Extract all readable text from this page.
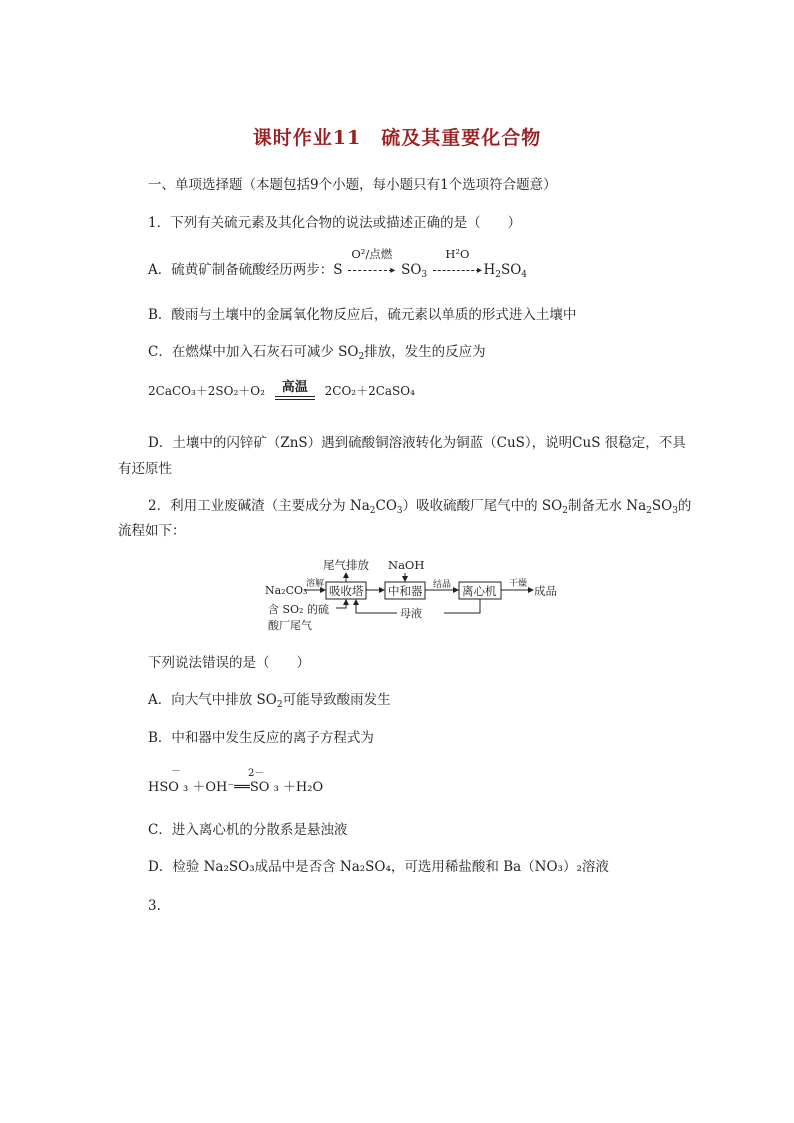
课时作业11　硫及其重要化合物
一、单项选择题（本题包括9个小题，每小题只有1个选项符合题意）
1．下列有关硫元素及其化合物的说法或描述正确的是（　　）
A．硫黄矿制备硫酸经历两步：S
O²/点燃
▸ $SO_3$
H²O
$▸H_2SO_4$
B．酸雨与土壤中的金属氧化物反应后，硫元素以单质的形式进入土壤中
C．在燃煤中加入石灰石可减少 $SO_2$排放，发生的反应为
2CaCO₃＋2SO₂＋O₂	高温	2CO₂＋2CaSO₄
D．土壤中的闪锌矿（ZnS）遇到硫酸铜溶液转化为铜蓝（CuS），说明CuS 很稳定，不具
有还原性
2．利用工业废碱渣（主要成分为 $Na_2CO_3$）吸收硫酸厂尾气中的 $SO_2$制备无水 $Na_2SO_3$的
流程如下：
尾气排放 NaOH
Na₂CO₃
溶解 吸收塔 中和器 结晶 离心机 干燥 成品
含 SO₂ 的硫
酸厂尾气
母液
下列说法错误的是（　　）
A．向大气中排放 $SO_2$可能导致酸雨发生
B．中和器中发生反应的离子方程式为
－	2－
HSO ₃ ＋OH⁻══SO ₃ ＋H₂O
C．进入离心机的分散系是悬浊液
D．检验 Na₂SO₃成品中是否含 Na₂SO₄，可选用稀盐酸和 Ba（NO₃）₂溶液
3.
